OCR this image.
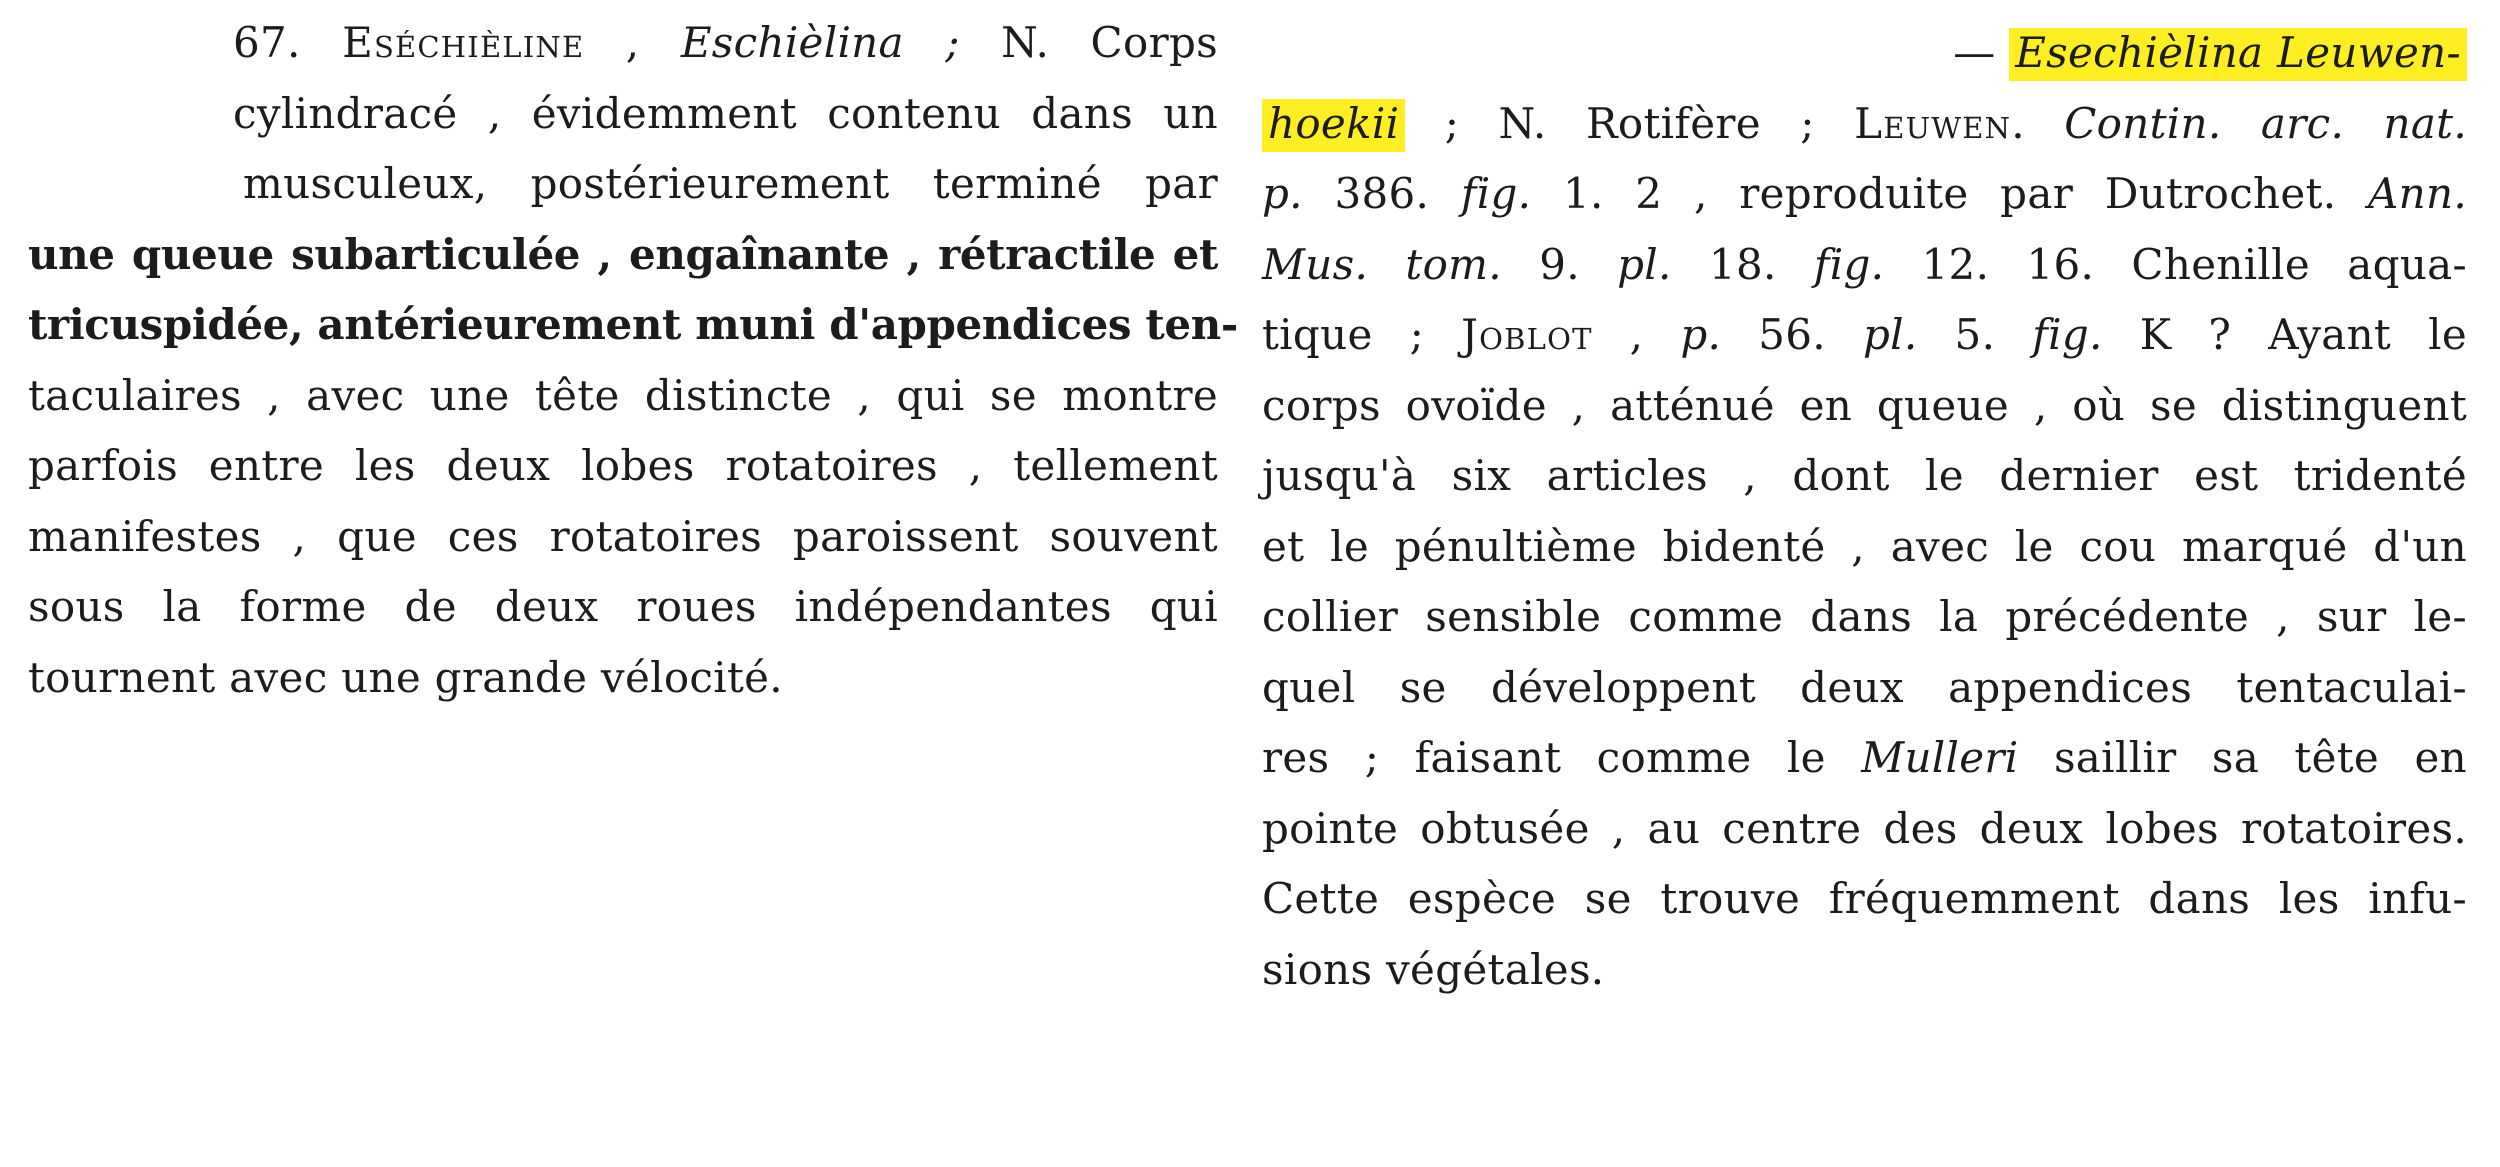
67. Eséchièline , Eschièlina ; N. Corps
cylindracé , évidemment contenu dans un
musculeux, postérieurement terminé par
une queue subarticulée , engaînante , rétractile et
tricuspidée, antérieurement muni d'appendices ten-
taculaires , avec une tête distincte , qui se montre
parfois entre les deux lobes rotatoires , tellement
manifestes , que ces rotatoires paroissent souvent
sous la forme de deux roues indépendantes qui
tournent avec une grande vélocité.
— Esechièlina Leuwen-
hoekii ; N. Rotifère ; Leuwen. Contin. arc. nat.
p. 386. fig. 1. 2 , reproduite par Dutrochet. Ann.
Mus. tom. 9. pl. 18. fig. 12. 16. Chenille aqua-
tique ; Joblot , p. 56. pl. 5. fig. K ? Ayant le
corps ovoïde , atténué en queue , où se distinguent
jusqu'à six articles , dont le dernier est tridenté
et le pénultième bidenté , avec le cou marqué d'un
collier sensible comme dans la précédente , sur le-
quel se développent deux appendices tentaculai-
res ; faisant comme le Mulleri saillir sa tête en
pointe obtusée , au centre des deux lobes rotatoires.
Cette espèce se trouve fréquemment dans les infu-
sions végétales.
